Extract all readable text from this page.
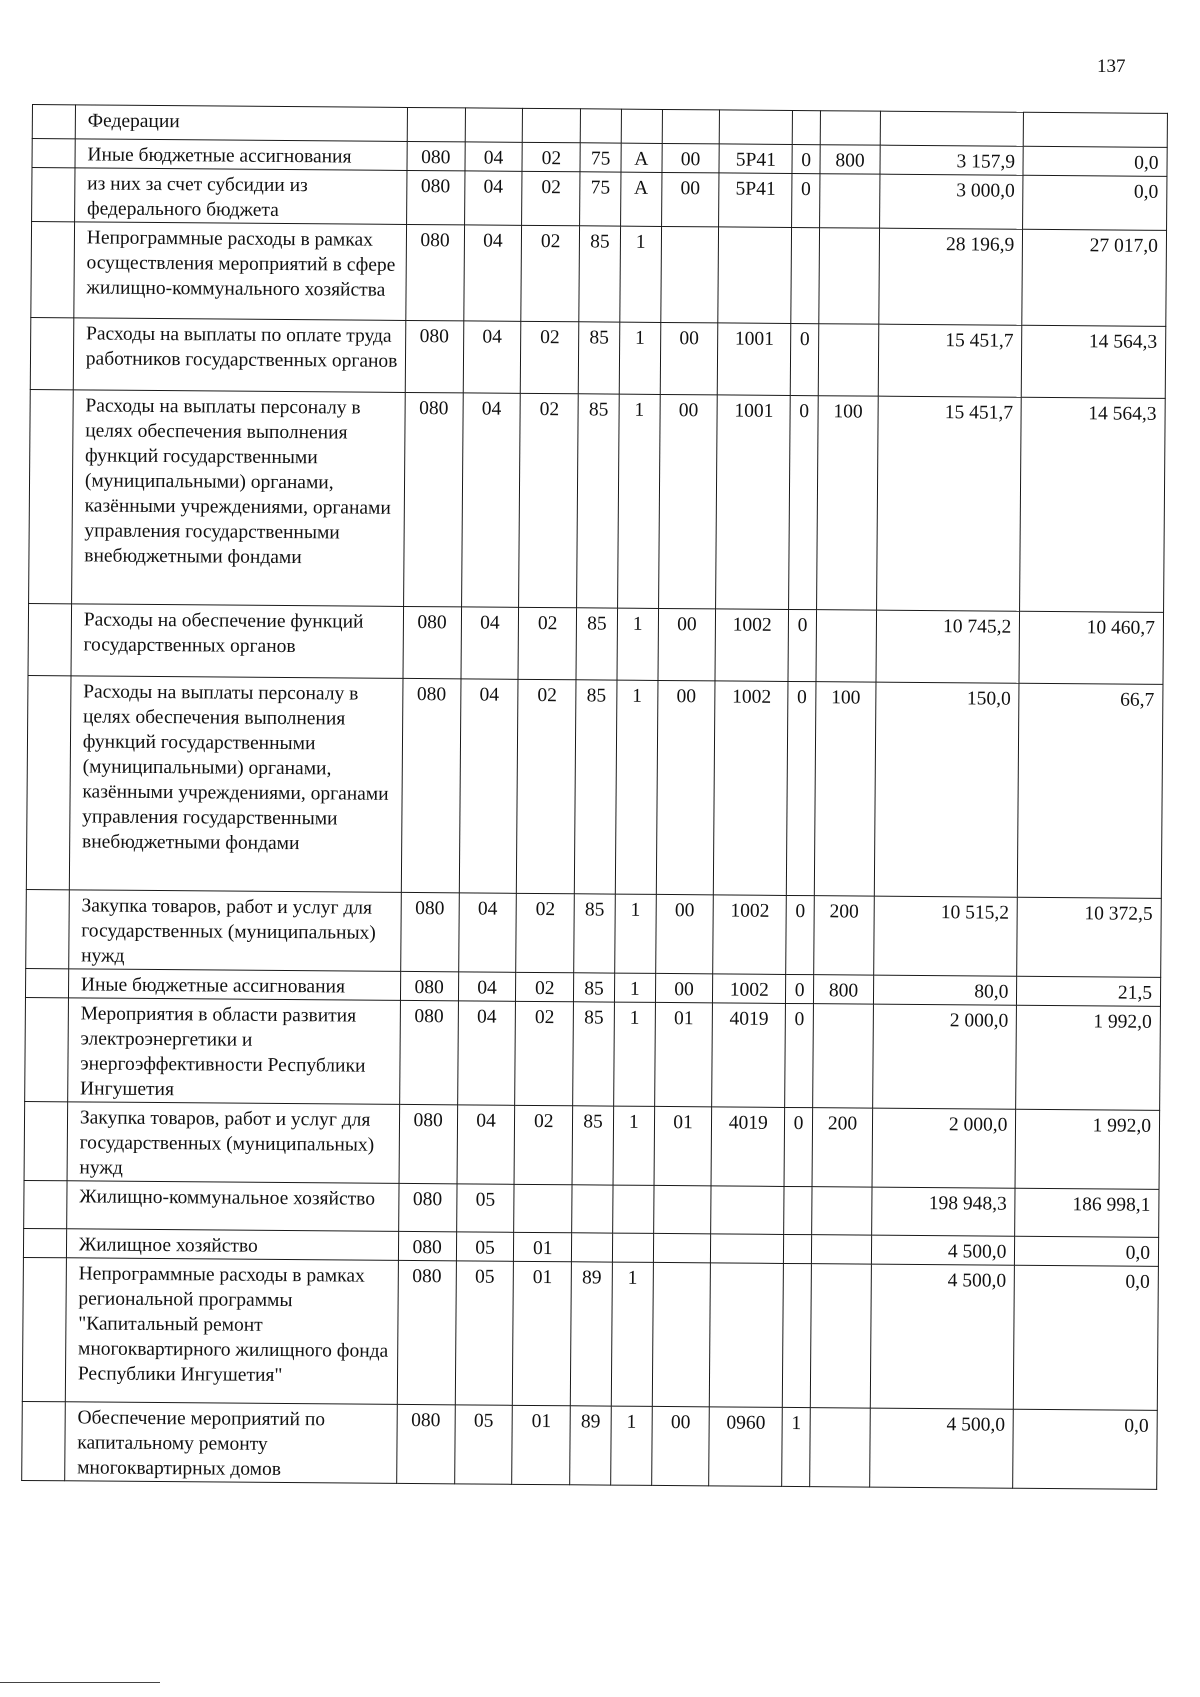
137
	Федерации											
	Иные бюджетные ассигнования	080	04	02	75	А	00	5Р41	0	800	3 157,9	0,0
	из них за счет субсидии из федерального бюджета	080	04	02	75	А	00	5Р41	0		3 000,0	0,0
	Непрограммные расходы в рамках осуществления мероприятий в сфере жилищно-коммунального хозяйства	080	04	02	85	1					28 196,9	27 017,0
	Расходы на выплаты по оплате труда работников государственных органов	080	04	02	85	1	00	1001	0		15 451,7	14 564,3
	Расходы на выплаты персоналу в целях обеспечения выполнения функций государственными (муниципальными) органами, казёнными учреждениями, органами управления государственными внебюджетными фондами	080	04	02	85	1	00	1001	0	100	15 451,7	14 564,3
	Расходы на обеспечение функций государственных органов	080	04	02	85	1	00	1002	0		10 745,2	10 460,7
	Расходы на выплаты персоналу в целях обеспечения выполнения функций государственными (муниципальными) органами, казёнными учреждениями, органами управления государственными внебюджетными фондами	080	04	02	85	1	00	1002	0	100	150,0	66,7
	Закупка товаров, работ и услуг для государственных (муниципальных) нужд	080	04	02	85	1	00	1002	0	200	10 515,2	10 372,5
	Иные бюджетные ассигнования	080	04	02	85	1	00	1002	0	800	80,0	21,5
	Мероприятия в области развития электроэнергетики и энергоэффективности Республики Ингушетия	080	04	02	85	1	01	4019	0		2 000,0	1 992,0
	Закупка товаров, работ и услуг для государственных (муниципальных) нужд	080	04	02	85	1	01	4019	0	200	2 000,0	1 992,0
	Жилищно-коммунальное хозяйство	080	05								198 948,3	186 998,1
	Жилищное хозяйство	080	05	01							4 500,0	0,0
	Непрограммные расходы в рамках региональной программы "Капитальный ремонт многоквартирного жилищного фонда Республики Ингушетия"	080	05	01	89	1					4 500,0	0,0
	Обеспечение мероприятий по капитальному ремонту многоквартирных домов	080	05	01	89	1	00	0960	1		4 500,0	0,0
